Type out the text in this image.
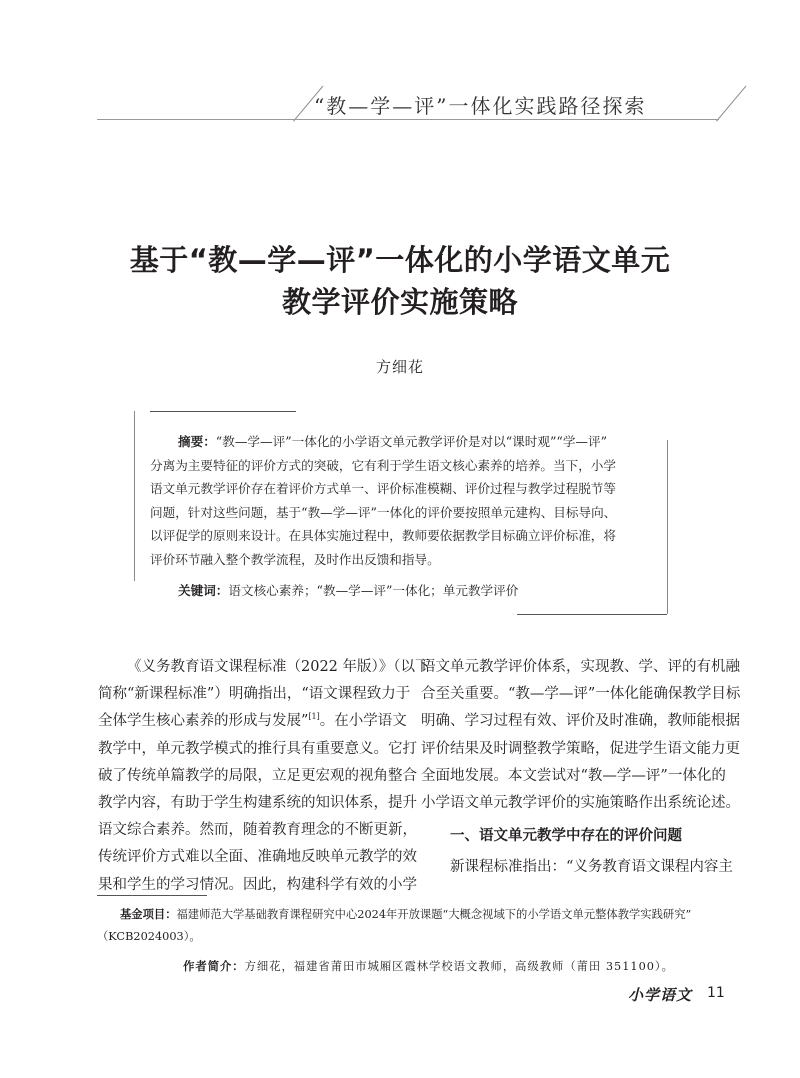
“教—学—评”一体化实践路径探索
基于“教—学—评”一体化的小学语文单元
教学评价实施策略
方细花
摘要：“教—学—评”一体化的小学语文单元教学评价是对以“课时观”“学—评”
分离为主要特征的评价方式的突破，它有利于学生语文核心素养的培养。当下，小学
语文单元教学评价存在着评价方式单一、评价标准模糊、评价过程与教学过程脱节等
问题，针对这些问题，基于“教—学—评”一体化的评价要按照单元建构、目标导向、
以评促学的原则来设计。在具体实施过程中，教师要依据教学目标确立评价标准，将
评价环节融入整个教学流程，及时作出反馈和指导。
关键词：语文核心素养；“教—学—评”一体化；单元教学评价
《义务教育语文课程标准（2022 年版）》（以下
简称“新课程标准”）明确指出，“语文课程致力于
全体学生核心素养的形成与发展”[1]。在小学语文
教学中，单元教学模式的推行具有重要意义。它打
破了传统单篇教学的局限，立足更宏观的视角整合
教学内容，有助于学生构建系统的知识体系，提升
语文综合素养。然而，随着教育理念的不断更新，
传统评价方式难以全面、准确地反映单元教学的效
果和学生的学习情况。因此，构建科学有效的小学
语文单元教学评价体系，实现教、学、评的有机融
合至关重要。“教—学—评”一体化能确保教学目标
明确、学习过程有效、评价及时准确，教师能根据
评价结果及时调整教学策略，促进学生语文能力更
全面地发展。本文尝试对“教—学—评”一体化的
小学语文单元教学评价的实施策略作出系统论述。
一、语文单元教学中存在的评价问题
新课程标准指出：“义务教育语文课程内容主
基金项目：福建师范大学基础教育课程研究中心2024年开放课题“大概念视域下的小学语文单元整体教学实践研究”
（KCB2024003）。
作者简介：方细花，福建省莆田市城厢区霞林学校语文教师，高级教师（莆田 351100）。
小学语文 11
